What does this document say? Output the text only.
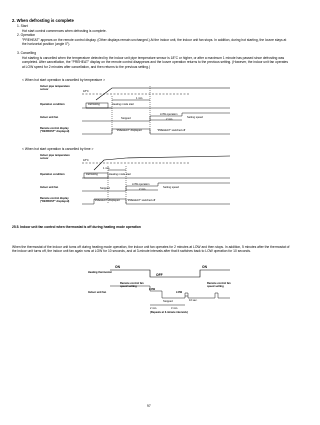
2. When defrosting is complete
1. Start
Hot start control commences when defrosting is complete.
2. Operation
"PREHEAT" appears on the remote control display. (Other displays remain unchanged.) At the indoor unit, the indoor unit fan stops. In addition, during hot starting, the louvre stays at the horizontal position (angle 0°).
3. Cancelling
Hot starting is cancelled when the temperature detected by the indoor unit pipe temperature sensor is 18°C or higher, or after a maximum 1 minute has passed since defrosting was completed. After cancellation, the "PREHEAT" display on the remote control disappears and the louvre operation returns to the previous setting. (However, the indoor unit fan operates at LOW speed for 2 minutes after cancellation, and then returns to the previous setting.)
< When hot start operation is cancelled by temperature >
Indoor pipe temperature sensor
Operation condition
Indoor unit fan
Remote control display ("DEFROST" displayed)
18°C
1 min.
Defrosting	Heating mode start
LOW operation
Stopped	2 min.
Setting speed
"PREHEAT" displayed	"PREHEAT" switched off
< When hot start operation is cancelled by time >
Indoor pipe temperature sensor
Operation condition
Indoor unit fan
Remote control display ("DEFROST" displayed)
18°C
1 min.
Defrosting	Heating mode start
LOW operation
Stopped	2 min.
Setting speed
"PREHEAT" displayed	"PREHEAT" switched off
25.5. Indoor unit fan control when thermostat is off during heating mode operation
When the thermostat of the indoor unit turns off during heating mode operation, the indoor unit fan operates for 2 minutes at LOW and then stops. In addition, 5 minutes after the thermostat of the indoor unit turns off, the indoor unit fan again runs at LOW for 10 seconds, and at 3-minute intervals after that it switches back to LOW operation for 10 seconds.
Heating thermostat
ON
OFF
ON
Remote control fan speed setting
Remote control fan speed setting
Indoor unit fan
LOW
LOW
Stopped	10 sec.
2 min.	3 min.
(Repeats at 3-minute intervals)
97
